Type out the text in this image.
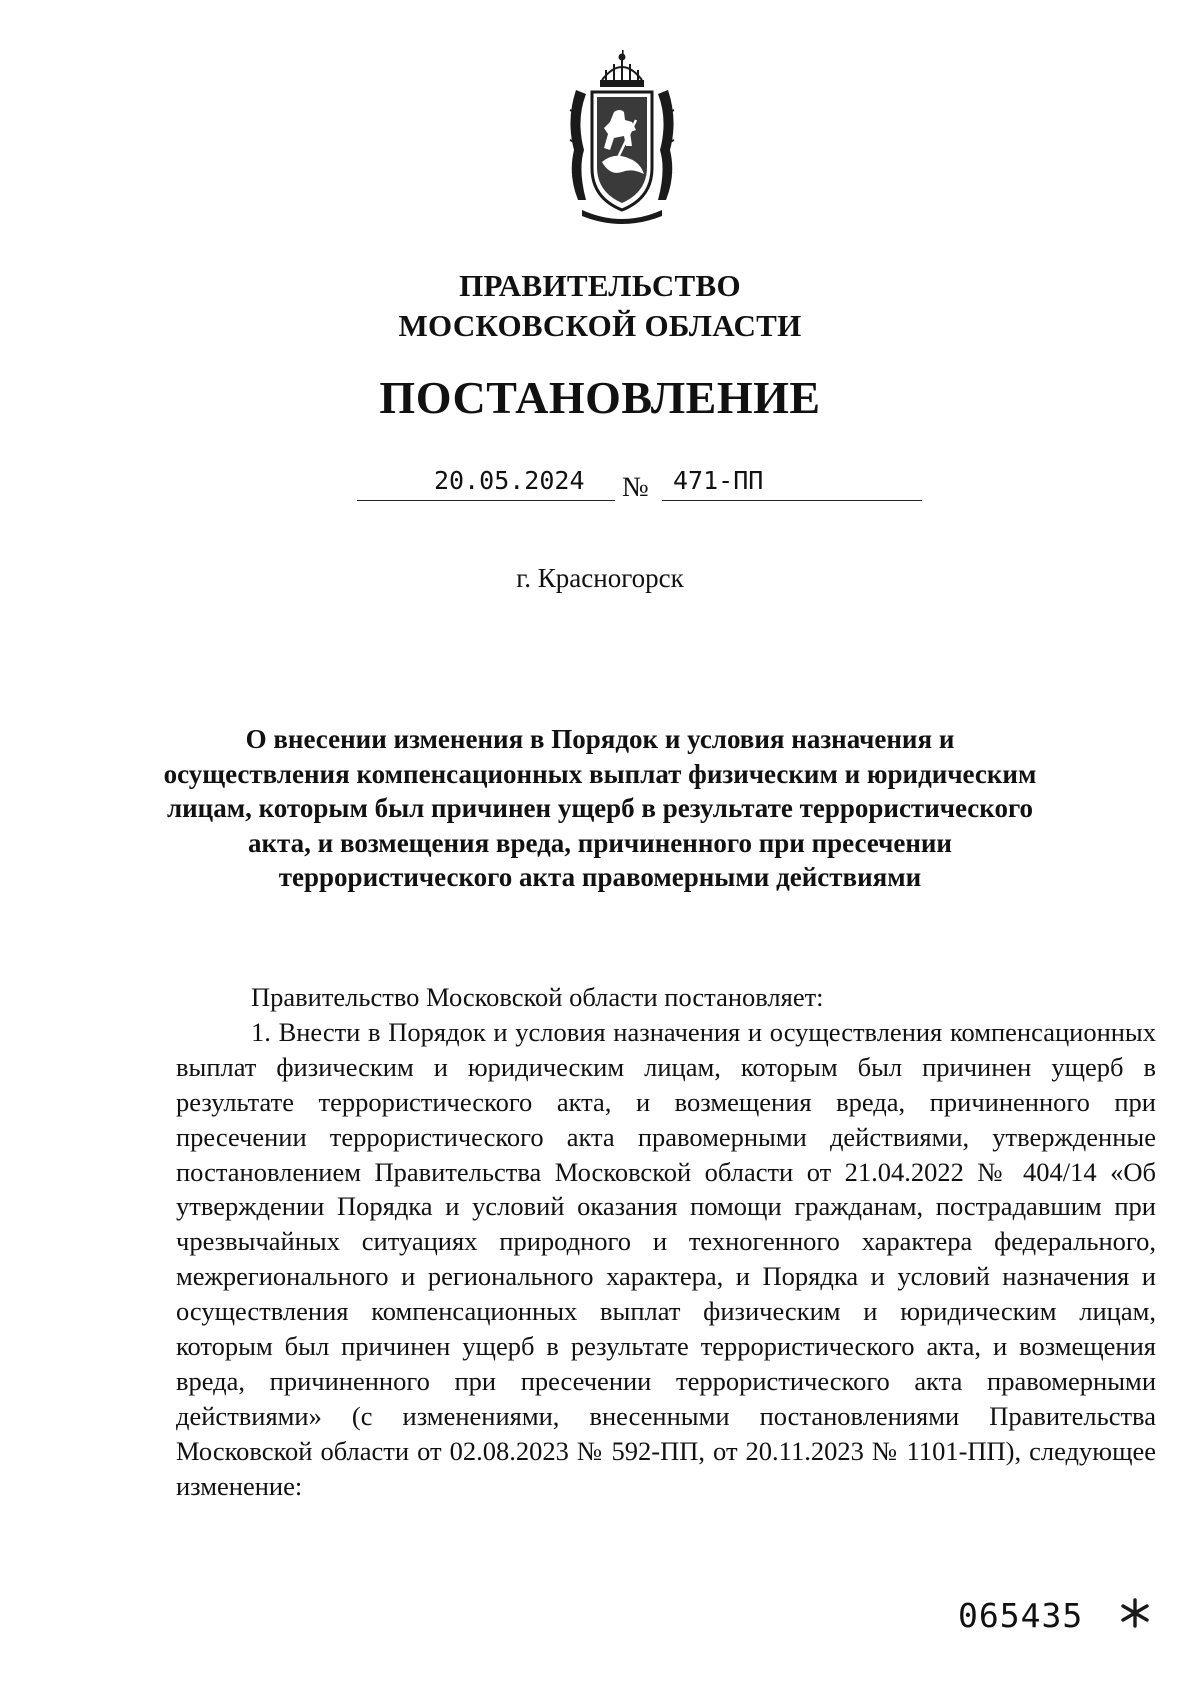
ПРАВИТЕЛЬСТВО
МОСКОВСКОЙ ОБЛАСТИ
ПОСТАНОВЛЕНИЕ
20.05.2024 № 471-ПП
г. Красногорск
О внесении изменения в Порядок и условия назначения и осуществления компенсационных выплат физическим и юридическим лицам, которым был причинен ущерб в результате террористического акта, и возмещения вреда, причиненного при пресечении террористического акта правомерными действиями

Правительство Московской области постановляет:

1. Внести в Порядок и условия назначения и осуществления компенсационных выплат физическим и юридическим лицам, которым был причинен ущерб в результате террористического акта, и возмещения вреда, причиненного при пресечении террористического акта правомерными действиями, утвержденные постановлением Правительства Московской области от 21.04.2022 № 404/14 «Об утверждении Порядка и условий оказания помощи гражданам, пострадавшим при чрезвычайных ситуациях природного и техногенного характера федерального, межрегионального и регионального характера, и Порядка и условий назначения и осуществления компенсационных выплат физическим и юридическим лицам, которым был причинен ущерб в результате террористического акта, и возмещения вреда, причиненного при пресечении террористического акта правомерными действиями» (с изменениями, внесенными постановлениями Правительства Московской области от 02.08.2023 № 592-ПП, от 20.11.2023 № 1101-ПП), следующее изменение:

065435
